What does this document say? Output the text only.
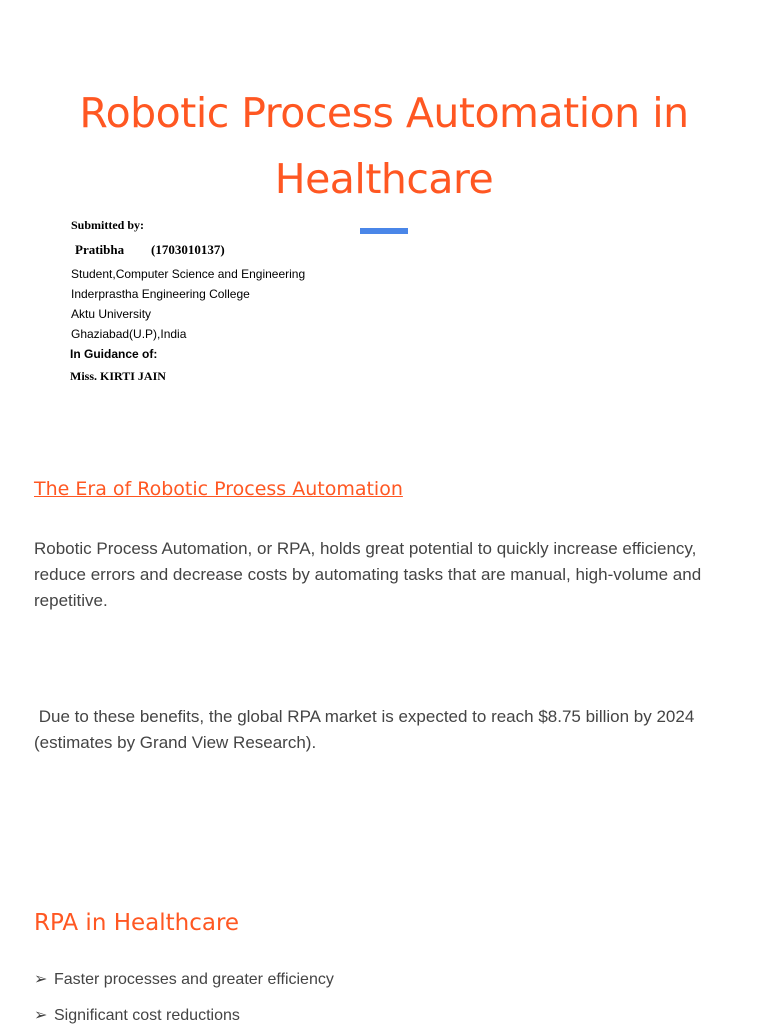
Robotic Process Automation in
Healthcare
Submitted by:
Pratibha (1703010137)
Student,Computer Science and Engineering
Inderprastha Engineering College
Aktu University
Ghaziabad(U.P),India
In Guidance of:
Miss. KIRTI JAIN
The Era of Robotic Process Automation
Robotic Process Automation, or RPA, holds great potential to quickly increase efficiency, reduce errors and decrease costs by automating tasks that are manual, high-volume and repetitive.
Due to these benefits, the global RPA market is expected to reach $8.75 billion by 2024 (estimates by Grand View Research).
RPA in Healthcare
➢ Faster processes and greater efficiency
➢ Significant cost reductions
